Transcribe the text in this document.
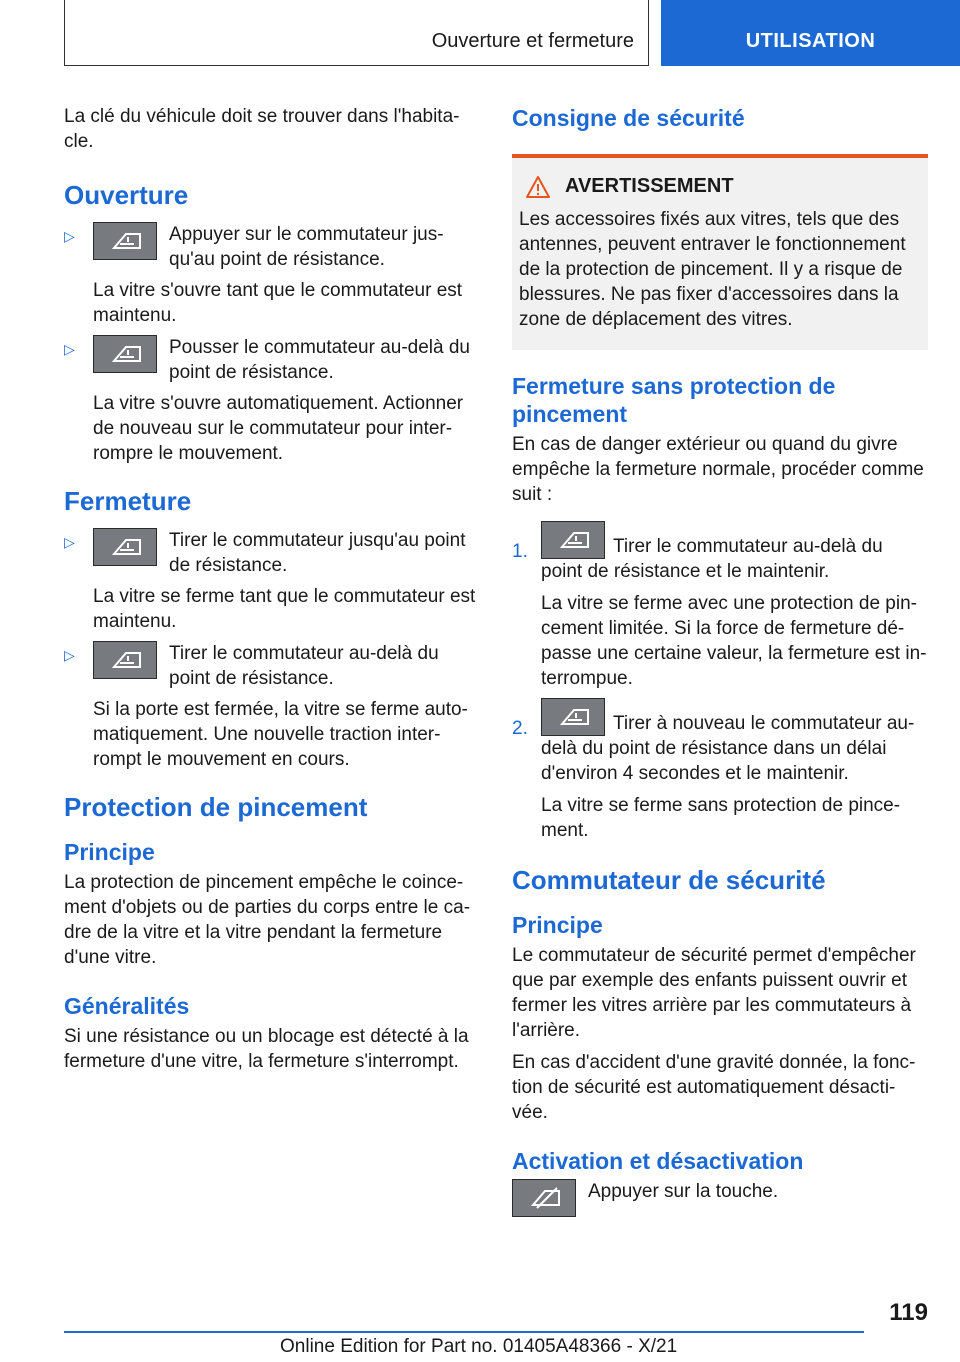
Ouverture et fermeture	UTILISATION

La clé du véhicule doit se trouver dans l'habita-cle.

Ouverture
▷	Appuyer sur le commutateur jus-qu'au point de résistance.

La vitre s'ouvre tant que le commutateur est maintenu.

▷	Pousser le commutateur au-delà du point de résistance.

La vitre s'ouvre automatiquement. Actionner de nouveau sur le commutateur pour inter-rompre le mouvement.

Fermeture
▷	Tirer le commutateur jusqu'au point de résistance.

La vitre se ferme tant que le commutateur est maintenu.

▷	Tirer le commutateur au-delà du point de résistance.

Si la porte est fermée, la vitre se ferme auto-matiquement. Une nouvelle traction inter-rompt le mouvement en cours.

Protection de pincement
Principe

La protection de pincement empêche le coince-ment d'objets ou de parties du corps entre le ca-dre de la vitre et la vitre pendant la fermeture d'une vitre.

Généralités

Si une résistance ou un blocage est détecté à la fermeture d'une vitre, la fermeture s'interrompt.

Consigne de sécurité
AVERTISSEMENT

Les accessoires fixés aux vitres, tels que des antennes, peuvent entraver le fonctionnement de la protection de pincement. Il y a risque de blessures. Ne pas fixer d'accessoires dans la zone de déplacement des vitres.

Fermeture sans protection de pincement

En cas de danger extérieur ou quand du givre empêche la fermeture normale, procéder comme suit :

1.	Tirer le commutateur au-delà du point de résistance et le maintenir.

La vitre se ferme avec une protection de pin-cement limitée. Si la force de fermeture dé-passe une certaine valeur, la fermeture est in-terrompue.

2.	Tirer à nouveau le commutateur au-delà du point de résistance dans un délai d'environ 4 secondes et le maintenir.

La vitre se ferme sans protection de pince-ment.

Commutateur de sécurité
Principe

Le commutateur de sécurité permet d'empêcher que par exemple des enfants puissent ouvrir et fermer les vitres arrière par les commutateurs à l'arrière.

En cas d'accident d'une gravité donnée, la fonc-tion de sécurité est automatiquement désacti-vée.

Activation et désactivation
Appuyer sur la touche.
119
Online Edition for Part no. 01405A48366 - X/21
